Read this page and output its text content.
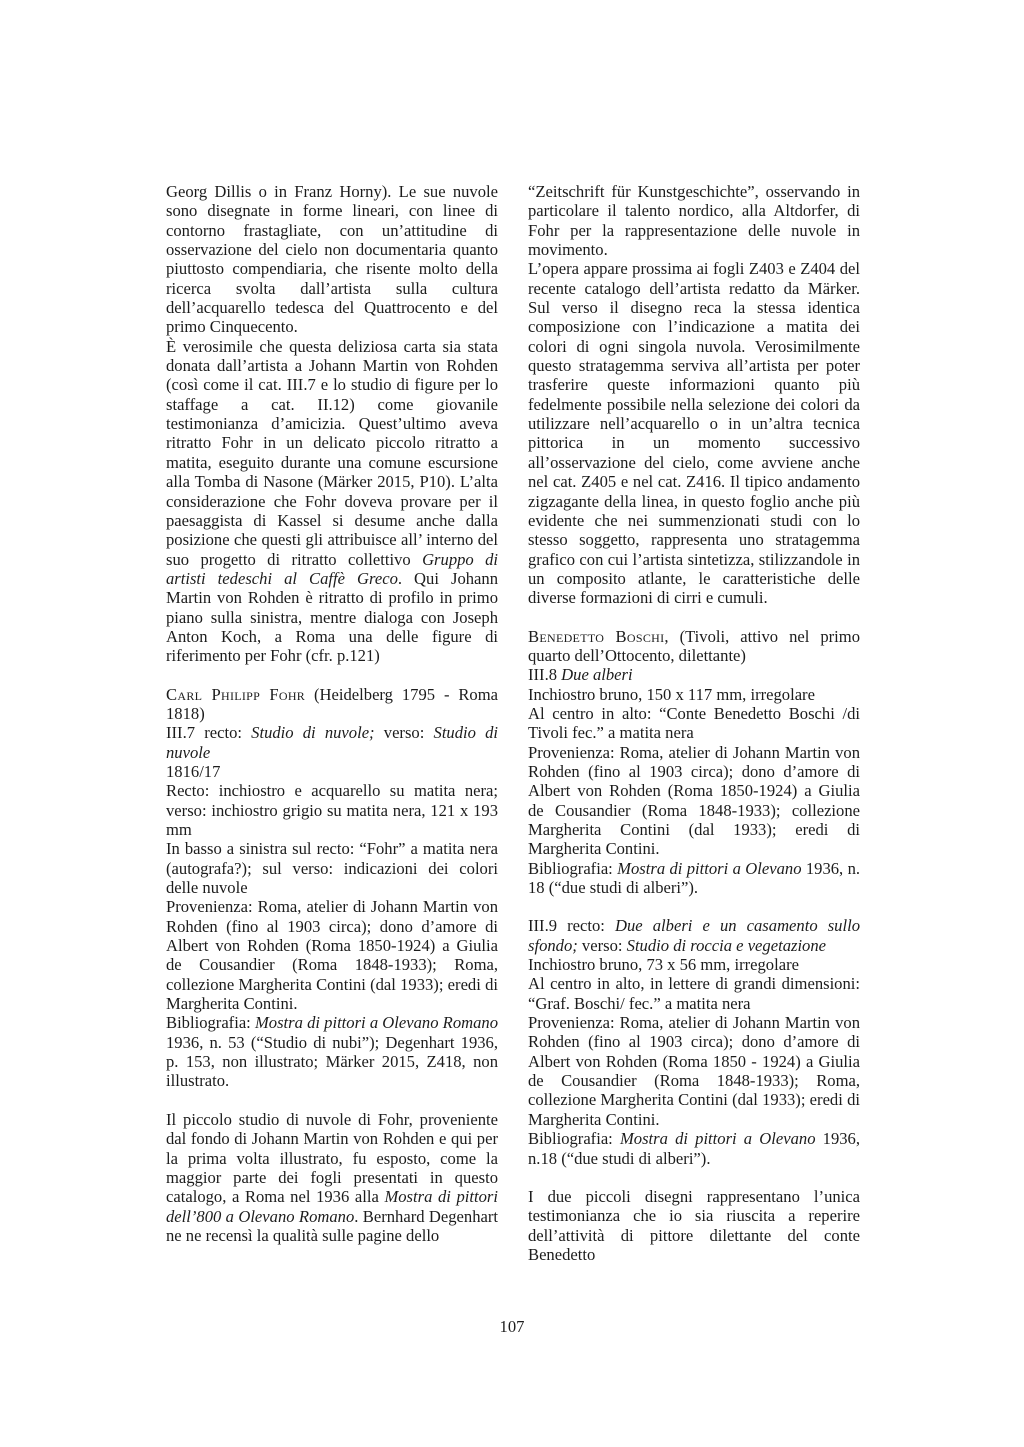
Georg Dillis o in Franz Horny). Le sue nuvole sono disegnate in forme lineari, con linee di contorno frastagliate, con un’attitudine di osservazione del cielo non documentaria quanto piuttosto compendiaria, che risente molto della ricerca svolta dall’artista sulla cultura dell’acquarello tedesca del Quattrocento e del primo Cinquecento.

È verosimile che questa deliziosa carta sia stata donata dall’artista a Johann Martin von Rohden (così come il cat. III.7 e lo studio di figure per lo staffage a cat. II.12) come giovanile testimonianza d’amicizia. Quest’ultimo aveva ritratto Fohr in un delicato piccolo ritratto a matita, eseguito durante una comune escursione alla Tomba di Nasone (Märker 2015, P10). L’alta considerazione che Fohr doveva provare per il paesaggista di Kassel si desume anche dalla posizione che questi gli attribuisce all’ interno del suo progetto di ritratto collettivo Gruppo di artisti tedeschi al Caffè Greco. Qui Johann Martin von Rohden è ritratto di profilo in primo piano sulla sinistra, mentre dialoga con Joseph Anton Koch, a Roma una delle figure di riferimento per Fohr (cfr. p.121)

Carl Philipp Fohr (Heidelberg 1795 - Roma 1818)

III.7 recto: Studio di nuvole; verso: Studio di nuvole

1816/17

Recto: inchiostro e acquarello su matita nera; verso: inchiostro grigio su matita nera, 121 x 193 mm

In basso a sinistra sul recto: “Fohr” a matita nera (autografa?); sul verso: indicazioni dei colori delle nuvole

Provenienza: Roma, atelier di Johann Martin von Rohden (fino al 1903 circa); dono d’amore di Albert von Rohden (Roma 1850-1924) a Giulia de Cousandier (Roma 1848-1933); Roma, collezione Margherita Contini (dal 1933); eredi di Margherita Contini.

Bibliografia: Mostra di pittori a Olevano Romano 1936, n. 53 (“Studio di nubi”); Degenhart 1936, p. 153, non illustrato; Märker 2015, Z418, non illustrato.

Il piccolo studio di nuvole di Fohr, proveniente dal fondo di Johann Martin von Rohden e qui per la prima volta illustrato, fu esposto, come la maggior parte dei fogli presentati in questo catalogo, a Roma nel 1936 alla Mostra di pittori dell’800 a Olevano Romano. Bernhard Degenhart ne ne recensì la qualità sulle pagine dello

“Zeitschrift für Kunstgeschichte”, osservando in particolare il talento nordico, alla Altdorfer, di Fohr per la rappresentazione delle nuvole in movimento.

L’opera appare prossima ai fogli Z403 e Z404 del recente catalogo dell’artista redatto da Märker. Sul verso il disegno reca la stessa identica composizione con l’indicazione a matita dei colori di ogni singola nuvola. Verosimilmente questo stratagemma serviva all’artista per poter trasferire queste informazioni quanto più fedelmente possibile nella selezione dei colori da utilizzare nell’acquarello o in un’altra tecnica pittorica in un momento successivo all’osservazione del cielo, come avviene anche nel cat. Z405 e nel cat. Z416. Il tipico andamento zigzagante della linea, in questo foglio anche più evidente che nei summenzionati studi con lo stesso soggetto, rappresenta uno stratagemma grafico con cui l’artista sintetizza, stilizzandole in un composito atlante, le caratteristiche delle diverse formazioni di cirri e cumuli.

Benedetto Boschi, (Tivoli, attivo nel primo quarto dell’Ottocento, dilettante)

III.8 Due alberi

Inchiostro bruno, 150 x 117 mm, irregolare

Al centro in alto: “Conte Benedetto Boschi /di Tivoli fec.” a matita nera

Provenienza: Roma, atelier di Johann Martin von Rohden (fino al 1903 circa); dono d’amore di Albert von Rohden (Roma 1850-1924) a Giulia de Cousandier (Roma 1848-1933); collezione Margherita Contini (dal 1933); eredi di Margherita Contini.

Bibliografia: Mostra di pittori a Olevano 1936, n. 18 (“due studi di alberi”).

III.9 recto: Due alberi e un casamento sullo sfondo; verso: Studio di roccia e vegetazione

Inchiostro bruno, 73 x 56 mm, irregolare

Al centro in alto, in lettere di grandi dimensioni: “Graf. Boschi/ fec.” a matita nera

Provenienza: Roma, atelier di Johann Martin von Rohden (fino al 1903 circa); dono d’amore di Albert von Rohden (Roma 1850 - 1924) a Giulia de Cousandier (Roma 1848-1933); Roma, collezione Margherita Contini (dal 1933); eredi di Margherita Contini.

Bibliografia: Mostra di pittori a Olevano 1936, n.18 (“due studi di alberi”).

I due piccoli disegni rappresentano l’unica testimonianza che io sia riuscita a reperire dell’attività di pittore dilettante del conte Benedetto

107
